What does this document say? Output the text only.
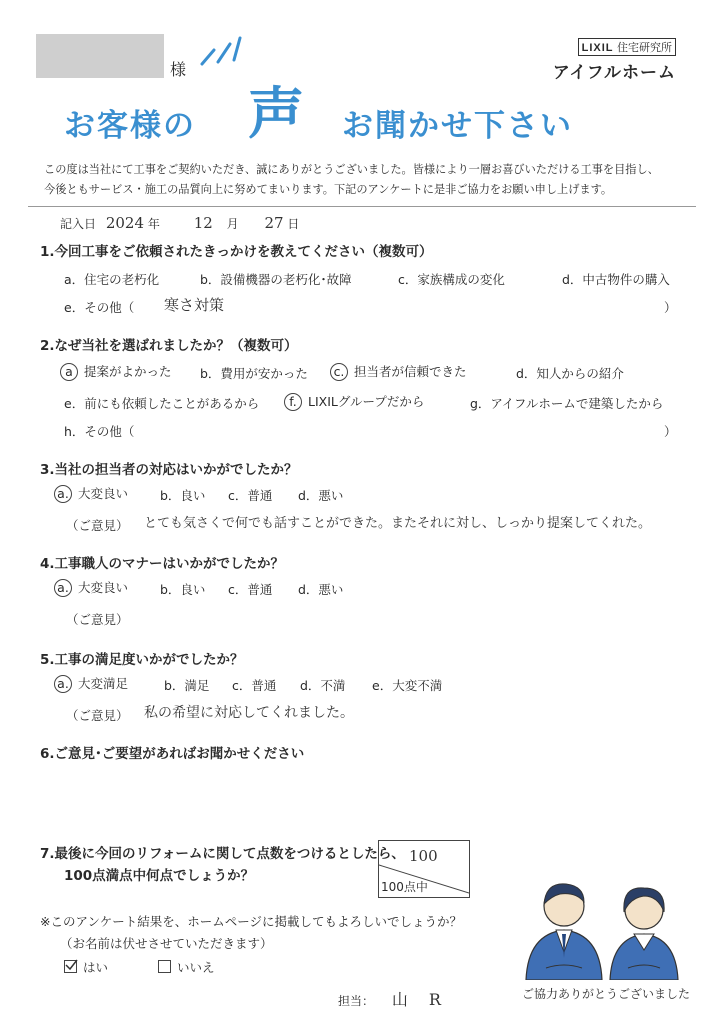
様
LIXIL 住宅研究所
アイフルホーム
お客様の 声 お聞かせ下さい

この度は当社にて工事をご契約いただき、誠にありがとうございました。皆様により一層お喜びいただける工事を目指し、

今後ともサービス・施工の品質向上に努めてまいります。下記のアンケートに是非ご協力をお願い申し上げます。

記入日 2024 年 12 月 27 日
1.今回工事をご依頼されたきっかけを教えてください（複数可）
a．住宅の老朽化	b．設備機器の老朽化･故障	c．家族構成の変化	d．中古物件の購入
e．その他（ 寒さ対策	）
2.なぜ当社を選ばれましたか？（複数可）
a 提案がよかった b．費用が安かった c. 担当者が信頼できた	d．知人からの紹介
e．前にも依頼したことがあるから	f. LIXILグループだから	g．アイフルホームで建築したから
h．その他（	）
3.当社の担当者の対応はいかがでしたか？
a. 大変良い	b．良い c．普通 d．悪い
（ご意見） とても気さくで何でも話すことができた。またそれに対し、しっかり提案してくれた。
4.工事職人のマナーはいかがでしたか？
a. 大変良い	b．良い c．普通 d．悪い
（ご意見）
5.工事の満足度いかがでしたか？
a. 大変満足	b．満足 c．普通 d．不満 e．大変不満
（ご意見） 私の希望に対応してくれました。
6.ご意見･ご要望があればお聞かせください
7.最後に今回のリフォームに関して点数をつけるとしたら、
100点満点中何点でしょうか？
100
100点中
※このアンケート結果を、ホームページに掲載してもよろしいでしょうか？
（お名前は伏せさせていただきます）
はい	いいえ
担当： 山 R	ご協力ありがとうございました
